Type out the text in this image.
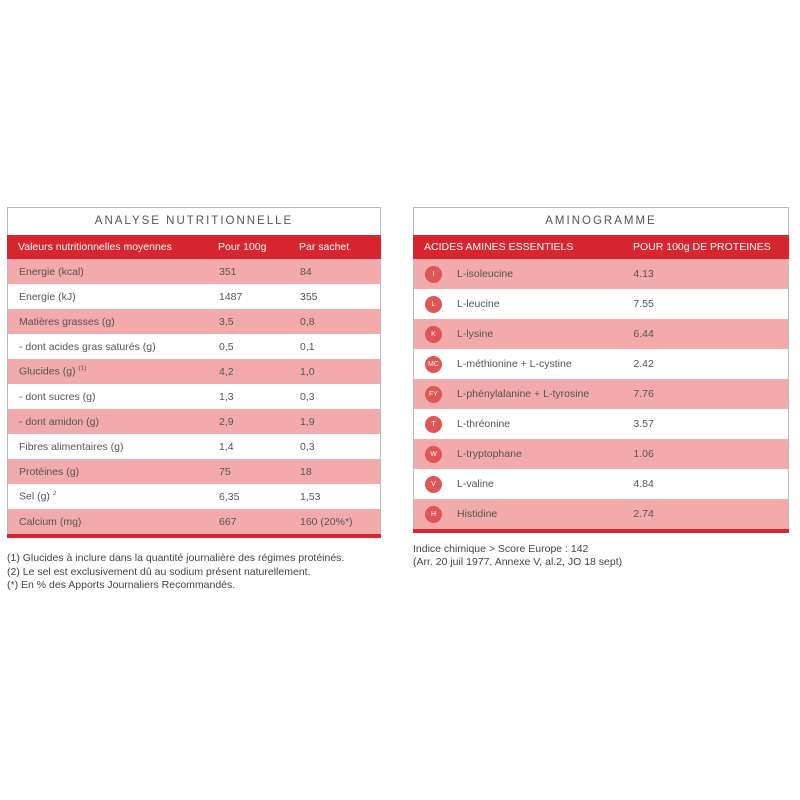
ANALYSE NUTRITIONNELLE
Valeurs nutritionnelles moyennes	Pour 100g	Par sachet
Energie (kcal)	351	84
Energie (kJ)	1487	355
Matières grasses (g)	3,5	0,8
- dont acides gras saturés (g)	0,5	0,1
Glucides (g) $^{(1)}$	4,2	1,0
- dont sucres (g)	1,3	0,3
- dont amidon (g)	2,9	1,9
Fibres alimentaires (g)	1,4	0,3
Protéines (g)	75	18
Sel (g) $^2$	6,35	1,53
Calcium (mg)	667	160 (20%*)
(1) Glucides à inclure dans la quantité journalière des régimes protéinés.
(2) Le sel est exclusivement dû au sodium présent naturellement.
(*) En % des Apports Journaliers Recommandés.
AMINOGRAMME
ACIDES AMINES ESSENTIELS	POUR 100g DE PROTEINES
I	L-isoleucine	4.13
L	L-leucine	7.55
K	L-lysine	6.44
MC L-méthionine + L-cystine	2.42
FY	L-phénylalanine + L-tyrosine	7.76
T	L-thréonine	3.57
W	L-tryptophane	1.06
V	L-valine	4.84
H	Histidine	2.74
Indice chimique > Score Europe : 142
(Arr. 20 juil 1977, Annexe V, al.2, JO 18 sept)
